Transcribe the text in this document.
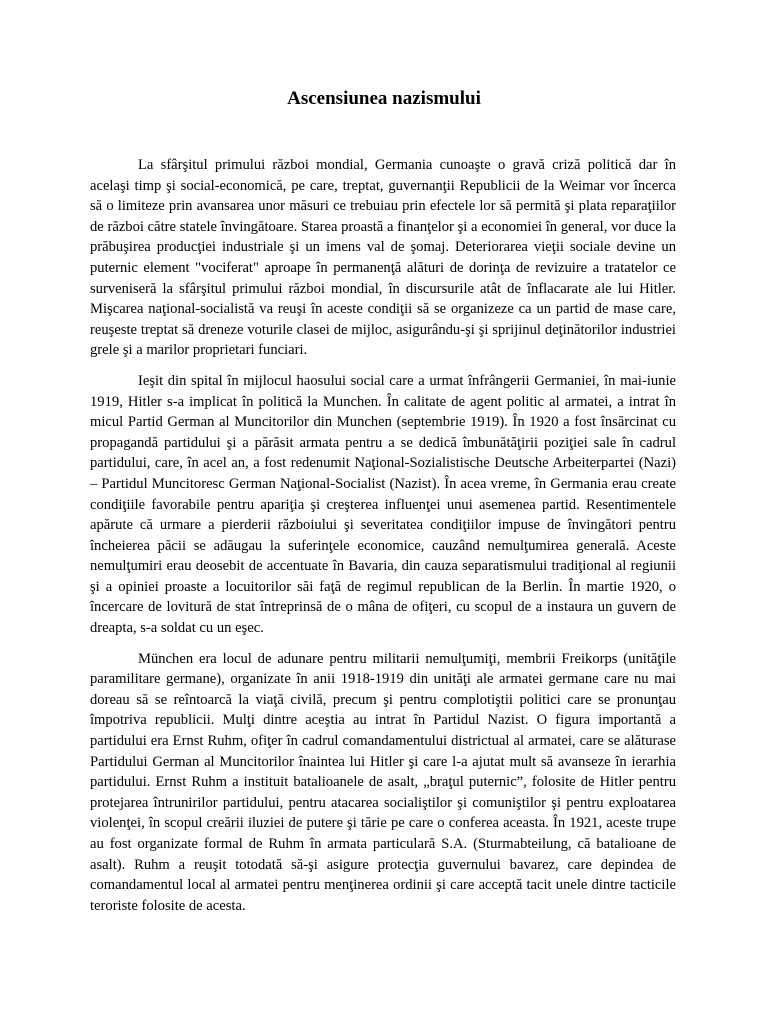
Ascensiunea nazismului

La sfârşitul primului război mondial, Germania cunoaşte o gravă criză politică dar în acelaşi timp şi social-economică, pe care, treptat, guvernanţii Republicii de la Weimar vor încerca să o limiteze prin avansarea unor măsuri ce trebuiau prin efectele lor să permită şi plata reparaţiilor de război către statele învingătoare. Starea proastă a finanţelor şi a economiei în general, vor duce la prăbuşirea producţiei industriale şi un imens val de şomaj. Deteriorarea vieţii sociale devine un puternic element "vociferat" aproape în permanenţă alături de dorinţa de revizuire a tratatelor ce surveniseră la sfârşitul primului război mondial, în discursurile atât de înflacarate ale lui Hitler. Mişcarea naţional-socialistă va reuşi în aceste condiţii să se organizeze ca un partid de mase care, reuşeste treptat să dreneze voturile clasei de mijloc, asigurându-şi şi sprijinul deţinătorilor industriei grele şi a marilor proprietari funciari.

Ieşit din spital în mijlocul haosului social care a urmat înfrângerii Germaniei, în mai-iunie 1919, Hitler s-a implicat în politică la Munchen. În calitate de agent politic al armatei, a intrat în micul Partid German al Muncitorilor din Munchen (septembrie 1919). În 1920 a fost însărcinat cu propagandă partidului şi a părăsit armata pentru a se dedică îmbunătăţirii poziţiei sale în cadrul partidului, care, în acel an, a fost redenumit Naţional-Sozialistische Deutsche Arbeiterpartei (Nazi) – Partidul Muncitoresc German Naţional-Socialist (Nazist). În acea vreme, în Germania erau create condiţiile favorabile pentru apariţia şi creşterea influenţei unui asemenea partid. Resentimentele apărute că urmare a pierderii războiului şi severitatea condiţiilor impuse de învingători pentru încheierea păcii se adăugau la suferinţele economice, cauzând nemulţumirea generală. Aceste nemulţumiri erau deosebit de accentuate în Bavaria, din cauza separatismului tradiţional al regiunii şi a opiniei proaste a locuitorilor săi faţă de regimul republican de la Berlin. În martie 1920, o încercare de lovitură de stat întreprinsă de o mâna de ofiţeri, cu scopul de a instaura un guvern de dreapta, s-a soldat cu un eşec.

München era locul de adunare pentru militarii nemulţumiţi, membrii Freikorps (unităţile paramilitare germane), organizate în anii 1918-1919 din unităţi ale armatei germane care nu mai doreau să se reîntoarcă la viaţă civilă, precum şi pentru complotiştii politici care se pronunţau împotriva republicii. Mulţi dintre aceştia au intrat în Partidul Nazist. O figura importantă a partidului era Ernst Ruhm, ofiţer în cadrul comandamentului districtual al armatei, care se alăturase Partidului German al Muncitorilor înaintea lui Hitler şi care l-a ajutat mult să avanseze în ierarhia partidului. Ernst Ruhm a instituit batalioanele de asalt, „braţul puternic”, folosite de Hitler pentru protejarea întrunirilor partidului, pentru atacarea socialiştilor şi comuniştilor şi pentru exploatarea violenţei, în scopul creării iluziei de putere şi tărie pe care o conferea aceasta. În 1921, aceste trupe au fost organizate formal de Ruhm în armata particulară S.A. (Sturmabteilung, că batalioane de asalt). Ruhm a reuşit totodată să-şi asigure protecţia guvernului bavarez, care depindea de comandamentul local al armatei pentru menţinerea ordinii şi care acceptă tacit unele dintre tacticile teroriste folosite de acesta.
